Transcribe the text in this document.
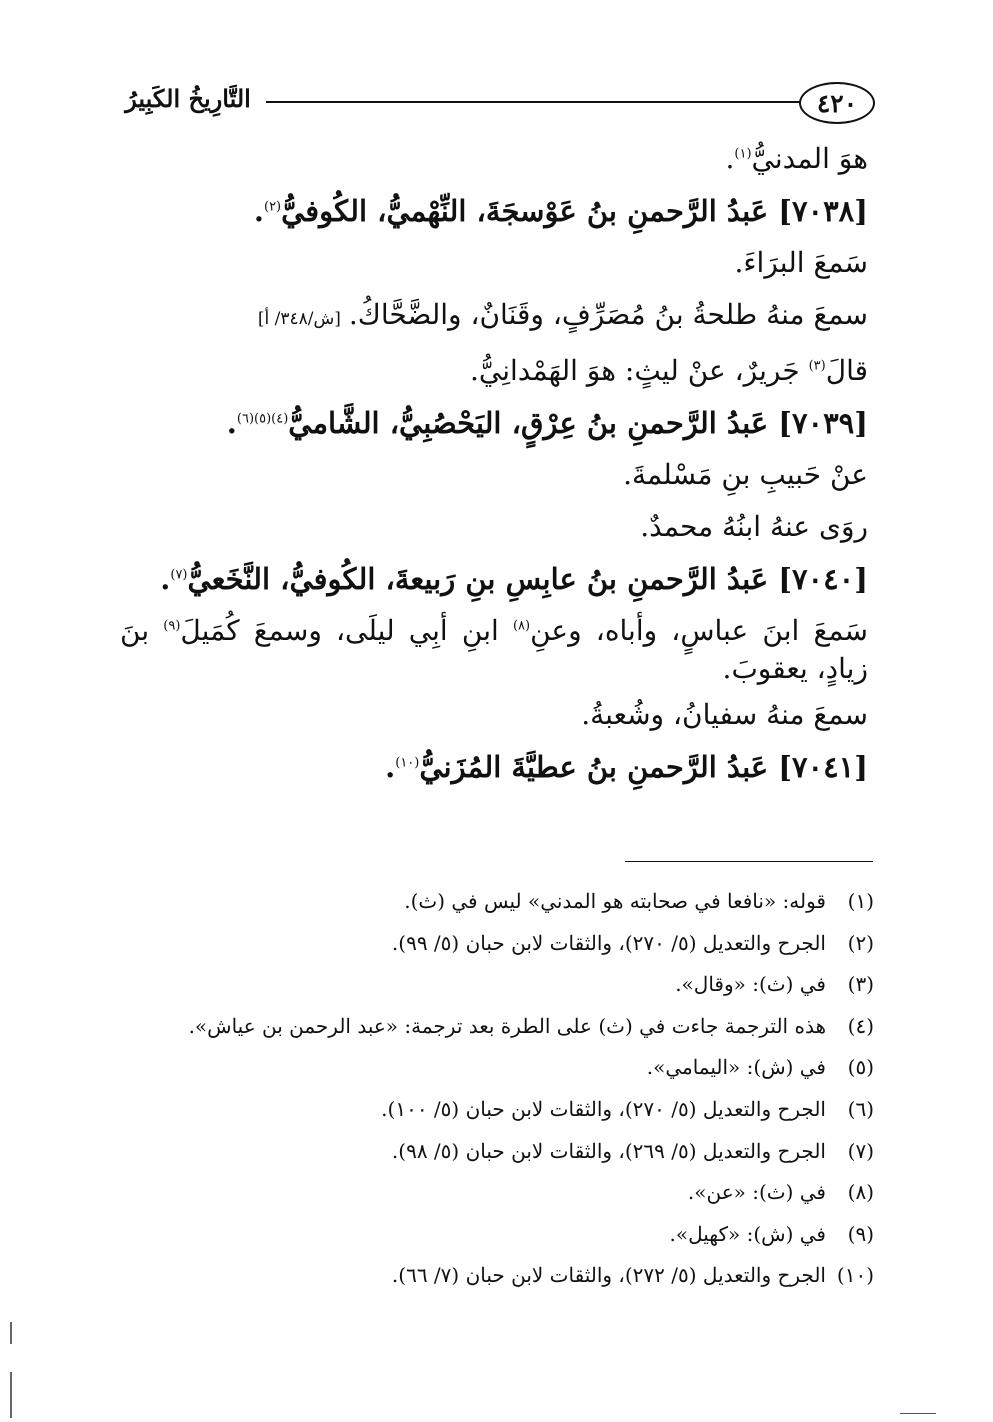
التَّارِيخُ الكَبِيرُ	٤٢٠
هوَ المدنيُّ$^{(١)}$.
[٧٠٣٨] عَبدُ الرَّحمنِ بنُ عَوْسجَةَ، النِّهْميُّ، الكُوفيُّ$^{(٢)}$.
سَمعَ البرَاءَ.
سمعَ منهُ طلحةُ بنُ مُصَرِّفٍ، وقَنَانٌ، والضَّحَّاكُ.[ش/٣٤٨/ أ]
قالَ$^{(٣)}$ جَريرٌ، عنْ ليثٍ: هوَ الهَمْدانِيُّ.
[٧٠٣٩] عَبدُ الرَّحمنِ بنُ عِرْقٍ، اليَحْصُبِيُّ، الشَّاميُّ$^{(٤)(٥)(٦)}$.
عنْ حَبيبِ بنِ مَسْلمةَ.
روَى عنهُ ابنُهُ محمدٌ.
[٧٠٤٠] عَبدُ الرَّحمنِ بنُ عابِسِ بنِ رَبيعةَ، الكُوفيُّ، النَّخَعيُّ$^{(٧)}$.
سَمعَ ابنَ عباسٍ، وأباه، وعنِ$^{(٨)}$ ابنِ أبِي ليلَى، وسمعَ كُمَيلَ$^{(٩)}$ بنَ زيادٍ، يعقوبَ.
سمعَ منهُ سفيانُ، وشُعبةُ.
[٧٠٤١] عَبدُ الرَّحمنِ بنُ عطيَّةَ المُزَنيُّ$^{(١٠)}$.
(١)قوله: «نافعا في صحابته هو المدني» ليس في (ث).
(٢)الجرح والتعديل (٥/ ٢٧٠)، والثقات لابن حبان (٥/ ٩٩).
(٣)في (ث): «وقال».
(٤)هذه الترجمة جاءت في (ث) على الطرة بعد ترجمة: «عبد الرحمن بن عياش».
(٥)في (ش): «اليمامي».
(٦)الجرح والتعديل (٥/ ٢٧٠)، والثقات لابن حبان (٥/ ١٠٠).
(٧)الجرح والتعديل (٥/ ٢٦٩)، والثقات لابن حبان (٥/ ٩٨).
(٨)في (ث): «عن».
(٩)في (ش): «كهيل».
(١٠)الجرح والتعديل (٥/ ٢٧٢)، والثقات لابن حبان (٧/ ٦٦).
